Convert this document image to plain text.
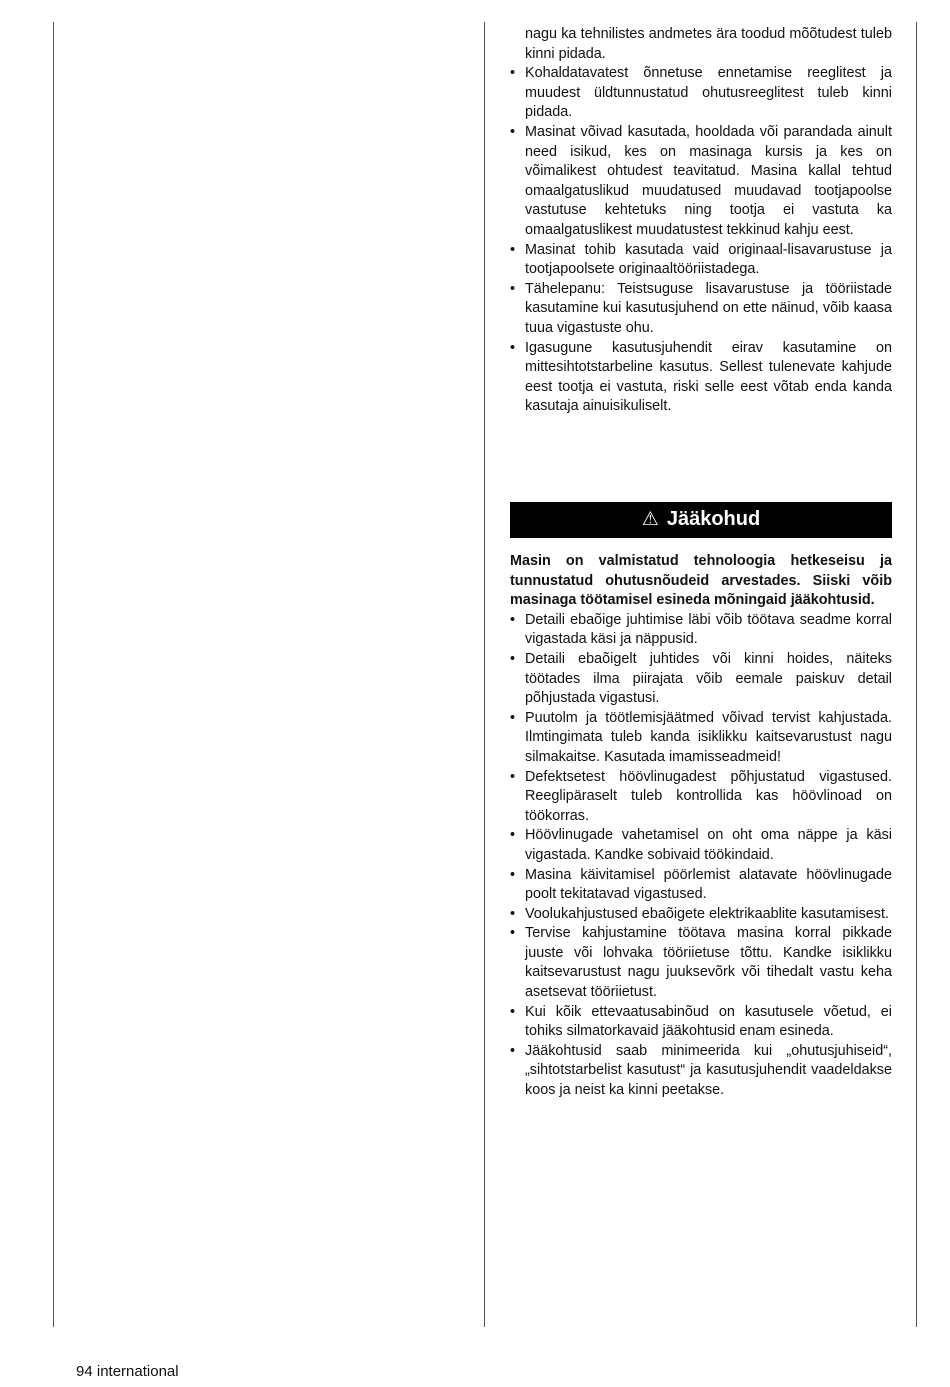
nagu ka tehnilistes andmetes ära toodud mõõtudest tuleb kinni pidada.
• Kohaldatavatest õnnetuse ennetamise reeglitest ja muudest üldtunnustatud ohutusreeglitest tuleb kinni pidada.
• Masinat võivad kasutada, hooldada või parandada ainult need isikud, kes on masinaga kursis ja kes on võimalikest ohtudest teavitatud. Masina kallal tehtud omaalgatuslikud muudatused muudavad tootjapoolse vastutuse kehtetuks ning tootja ei vastuta ka omaalgatuslikest muudatustest tekkinud kahju eest.
• Masinat tohib kasutada vaid originaal-lisavarustuse ja tootjapoolsete originaaltööriistadega.
• Tähelepanu: Teistsuguse lisavarustuse ja tööriistade kasutamine kui kasutusjuhend on ette näinud, võib kaasa tuua vigastuste ohu.
• Igasugune kasutusjuhendit eirav kasutamine on mittesihtotstarbeline kasutus. Sellest tulenevate kahjude eest tootja ei vastuta, riski selle eest võtab enda kanda kasutaja ainuisikuliselt.
⚠ Jääkohud

Masin on valmistatud tehnoloogia hetkeseisu ja tunnustatud ohutusnõudeid arvestades. Siiski võib masinaga töötamisel esineda mõningaid jääkohtusid.

• Detaili ebaõige juhtimise läbi võib töötava seadme korral vigastada käsi ja näppusid.
• Detaili ebaõigelt juhtides või kinni hoides, näiteks töötades ilma piirajata võib eemale paiskuv detail põhjustada vigastusi.
• Puutolm ja töötlemisjäätmed võivad tervist kahjustada. Ilmtingimata tuleb kanda isiklikku kaitsevarustust nagu silmakaitse. Kasutada imamisseadmeid!
• Defektsetest höövlinugadest põhjustatud vigastused. Reeglipäraselt tuleb kontrollida kas höövlinoad on töökorras.
• Höövlinugade vahetamisel on oht oma näppe ja käsi vigastada. Kandke sobivaid töökindaid.
• Masina käivitamisel pöörlemist alatavate höövlinugade poolt tekitatavad vigastused.
• Voolukahjustused ebaõigete elektrikaablite kasutamisest.
• Tervise kahjustamine töötava masina korral pikkade juuste või lohvaka tööriietuse tõttu. Kandke isiklikku kaitsevarustust nagu juuksevõrk või tihedalt vastu keha asetsevat tööriietust.
• Kui kõik ettevaatusabinõud on kasutusele võetud, ei tohiks silmatorkavaid jääkohtusid enam esineda.
• Jääkohtusid saab minimeerida kui „ohutusjuhiseid“, „sihtotstarbelist kasutust“ ja kasutusjuhendit vaadeldakse koos ja neist ka kinni peetakse.
94 international
